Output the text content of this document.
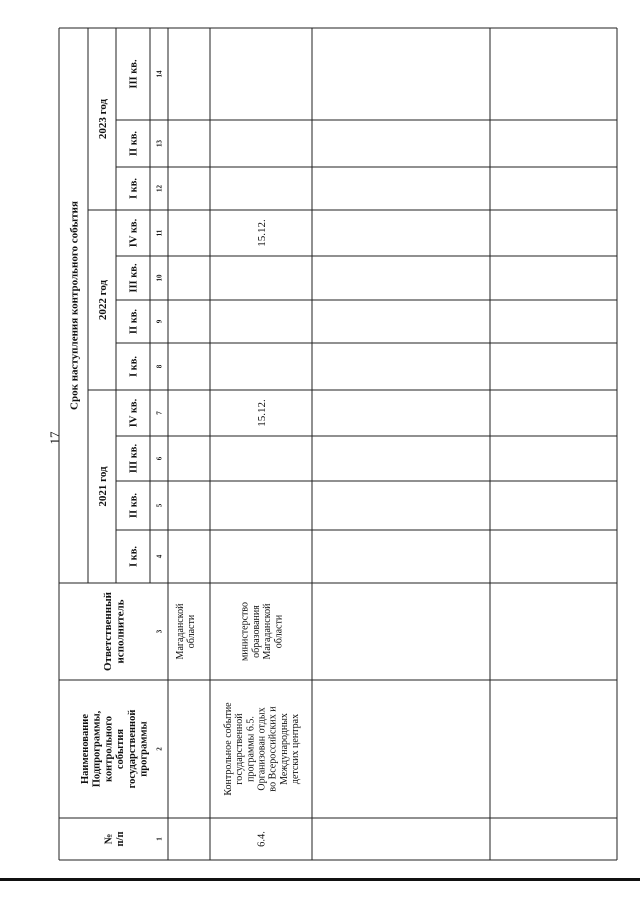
17
Срок наступления контрольного события
2021 год
2022 год
2023 год
I кв.
II кв.
III кв.
IV кв.
I кв.
II кв.
III кв.
IV кв.
I кв.
II кв.
III кв.
4
5
6
7
8
9
10
11
12
13
14
3
2
1
Ответственный исполнитель
Наименование Подпрограммы, контрольного события государственной программы
№ п/п
Магаданской области
6.4.
Контрольное событие государственной программы 6.5. Организован отдых во Всероссийских и Международных детских центрах
министерство образования Магаданской области
15.12.
15.12.
